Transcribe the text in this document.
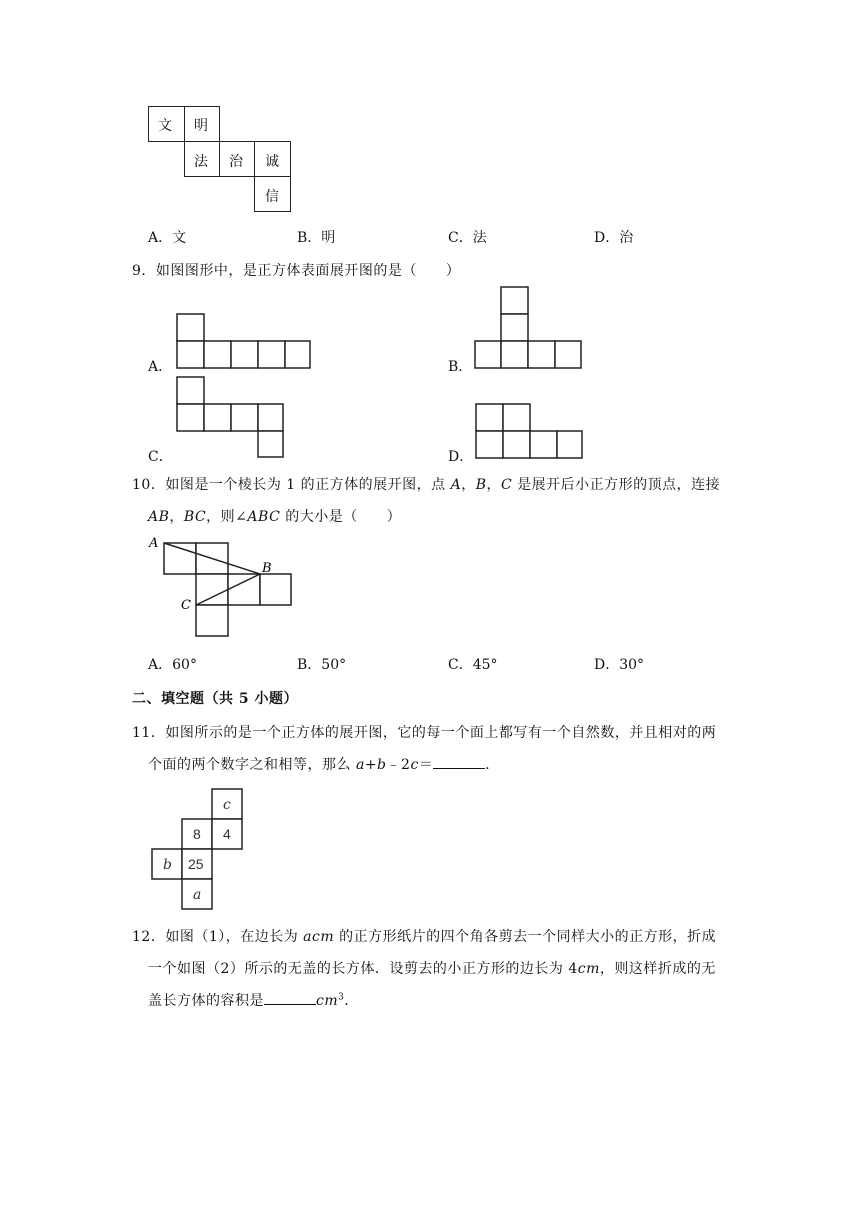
文 明
法 治 诚
信
A．文	B．明	C．法	D．治
9．如图图形中，是正方体表面展开图的是（　　）
A．	B．
C．	D．
10．如图是一个棱长为 1 的正方体的展开图，点 A，B，C 是展开后小正方形的顶点，连接
AB，BC，则∠ABC 的大小是（　　）
A
B
C
A．60°	B．50°	C．45°	D．30°
二、填空题（共 5 小题）
11．如图所示的是一个正方体的展开图，它的每一个面上都写有一个自然数，并且相对的两
个面的两个数字之和相等，那么 a+b﹣2c＝	．
c
8 4
b 25
a
12．如图（1），在边长为 acm 的正方形纸片的四个角各剪去一个同样大小的正方形，折成
一个如图（2）所示的无盖的长方体．设剪去的小正方形的边长为 4cm，则这样折成的无
盖长方体的容积是	$cm^3$．
